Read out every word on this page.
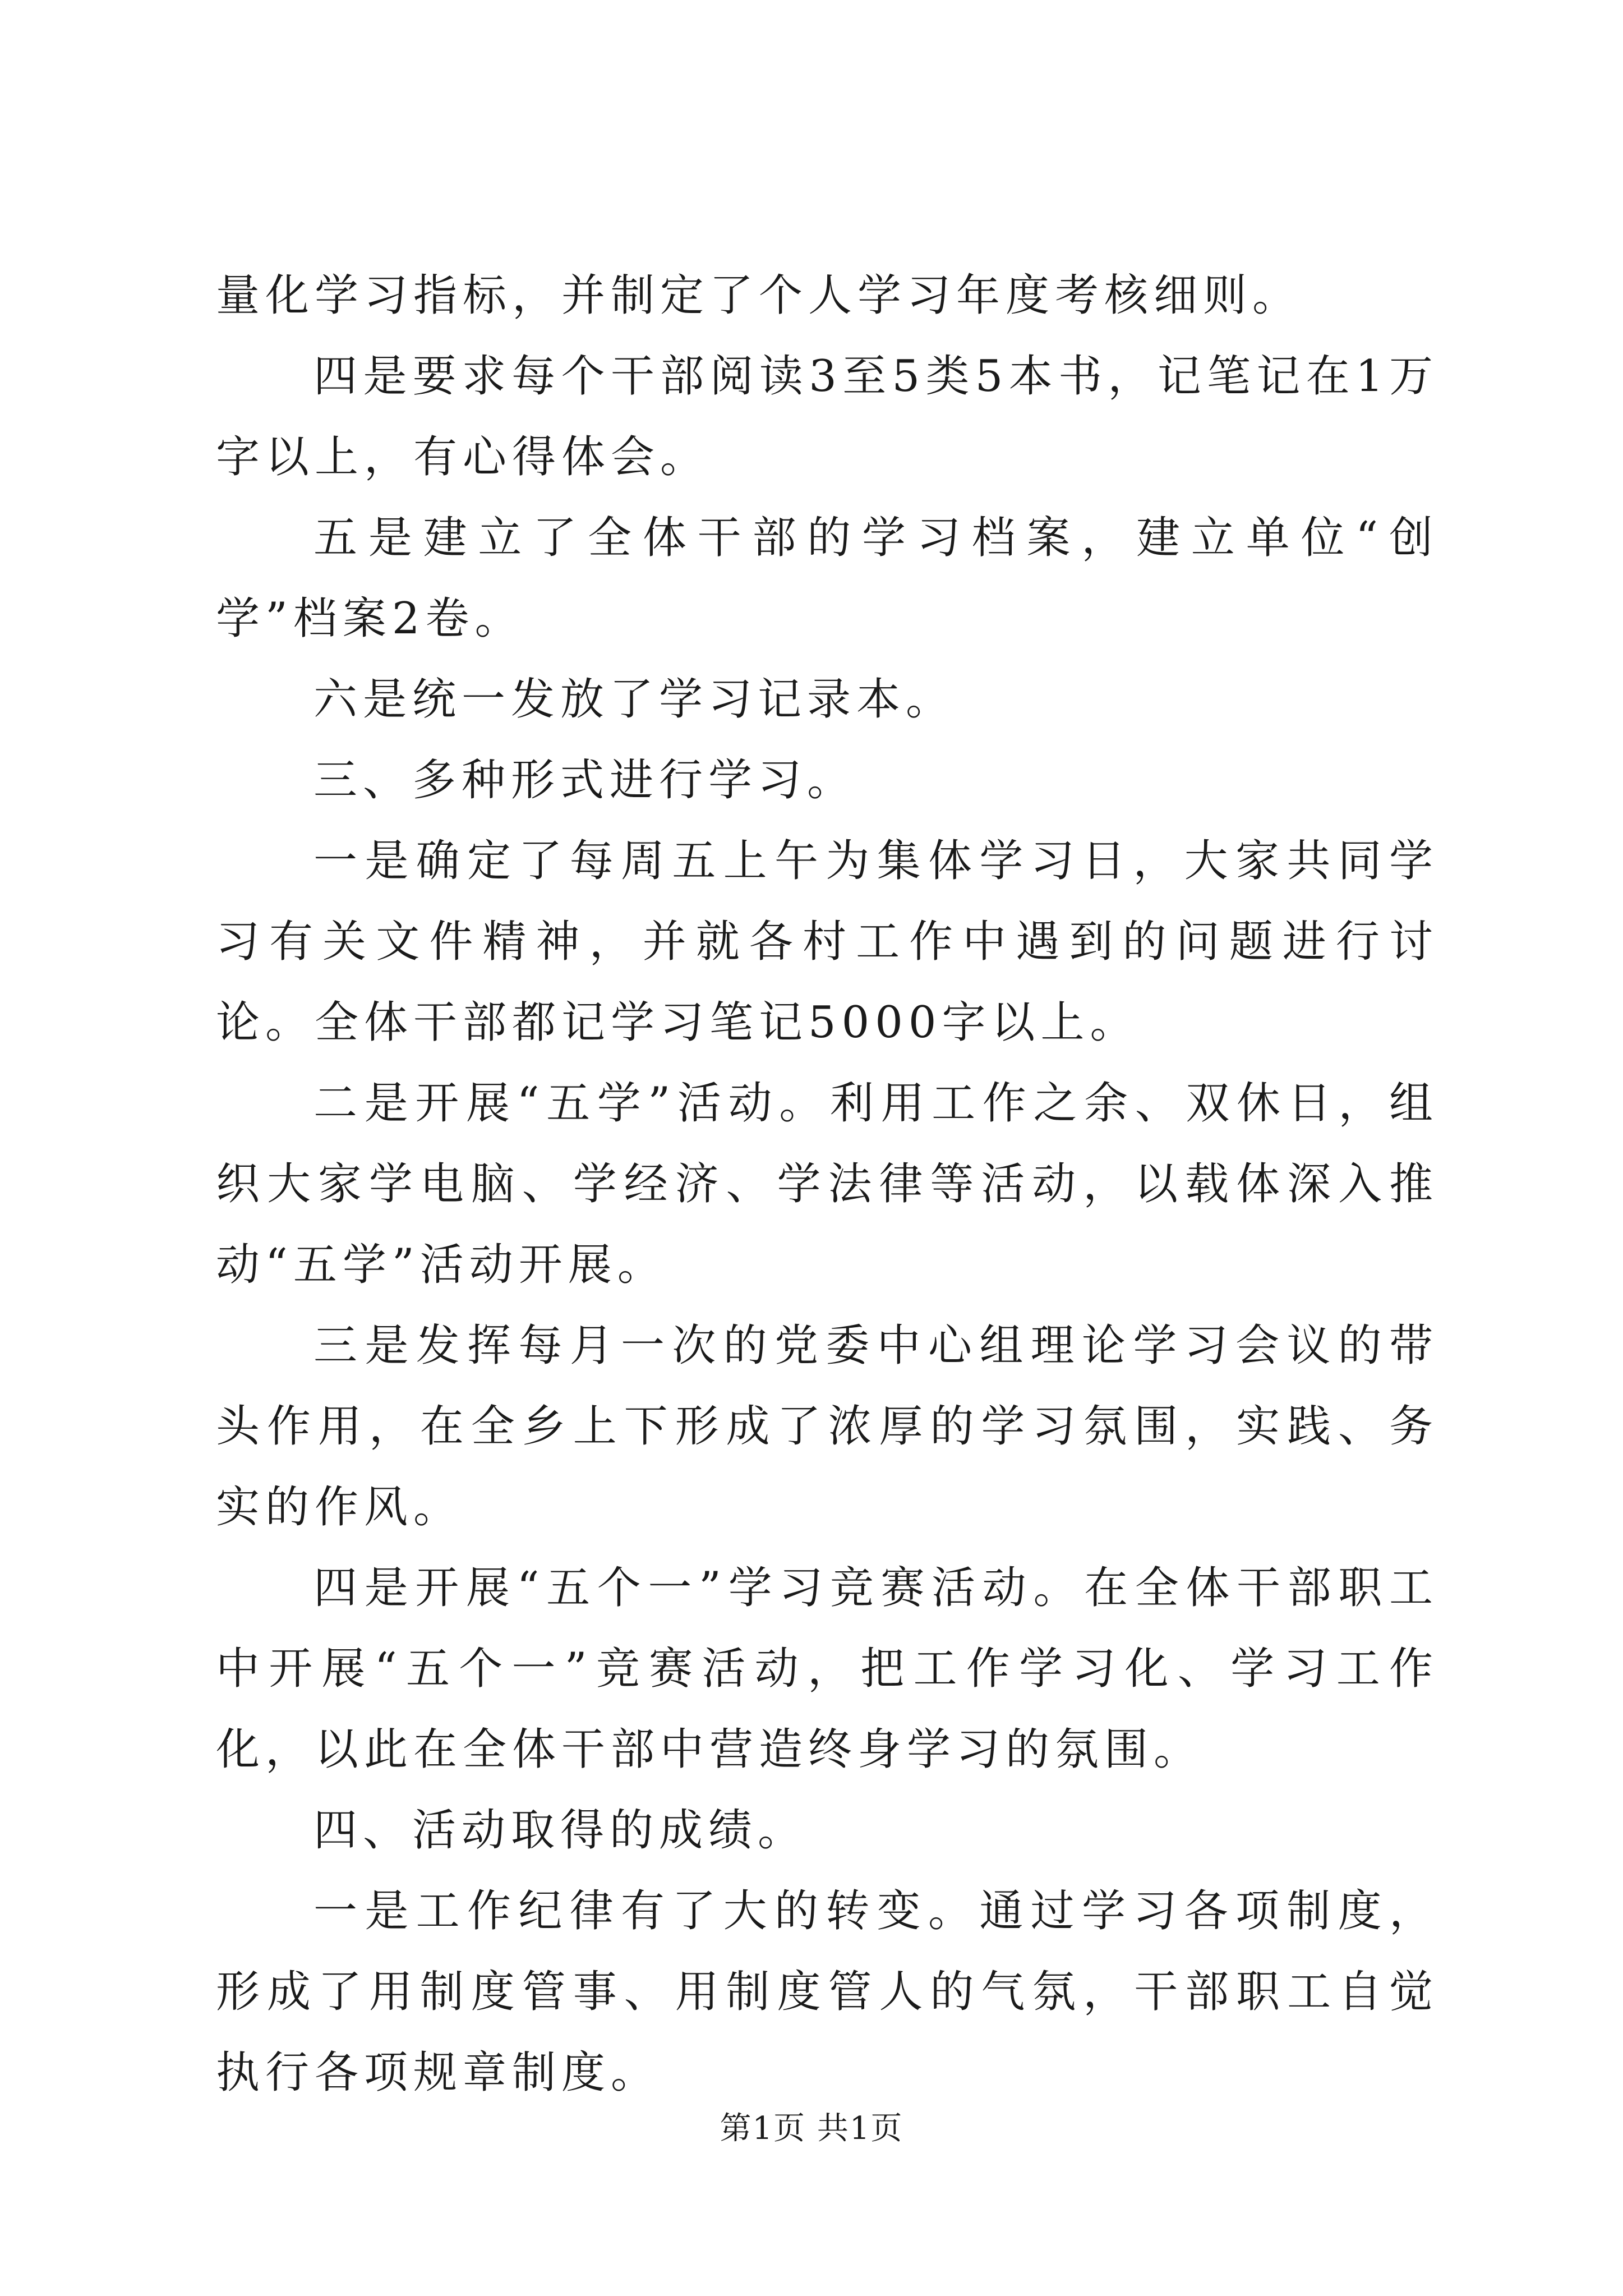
量化学习指标，并制定了个人学习年度考核细则。

四是要求每个干部阅读3至5类5本书，记笔记在1万字以上，有心得体会。

五是建立了全体干部的学习档案，建立单位“创学”档案2卷。

六是统一发放了学习记录本。

三、多种形式进行学习。

一是确定了每周五上午为集体学习日，大家共同学习有关文件精神，并就各村工作中遇到的问题进行讨论。全体干部都记学习笔记5000字以上。

二是开展“五学”活动。利用工作之余、双休日，组织大家学电脑、学经济、学法律等活动，以载体深入推动“五学”活动开展。

三是发挥每月一次的党委中心组理论学习会议的带头作用，在全乡上下形成了浓厚的学习氛围，实践、务实的作风。

四是开展“五个一”学习竞赛活动。在全体干部职工中开展“五个一”竞赛活动，把工作学习化、学习工作化，以此在全体干部中营造终身学习的氛围。

四、活动取得的成绩。

一是工作纪律有了大的转变。通过学习各项制度，形成了用制度管事、用制度管人的气氛，干部职工自觉执行各项规章制度。

第1页 共1页
